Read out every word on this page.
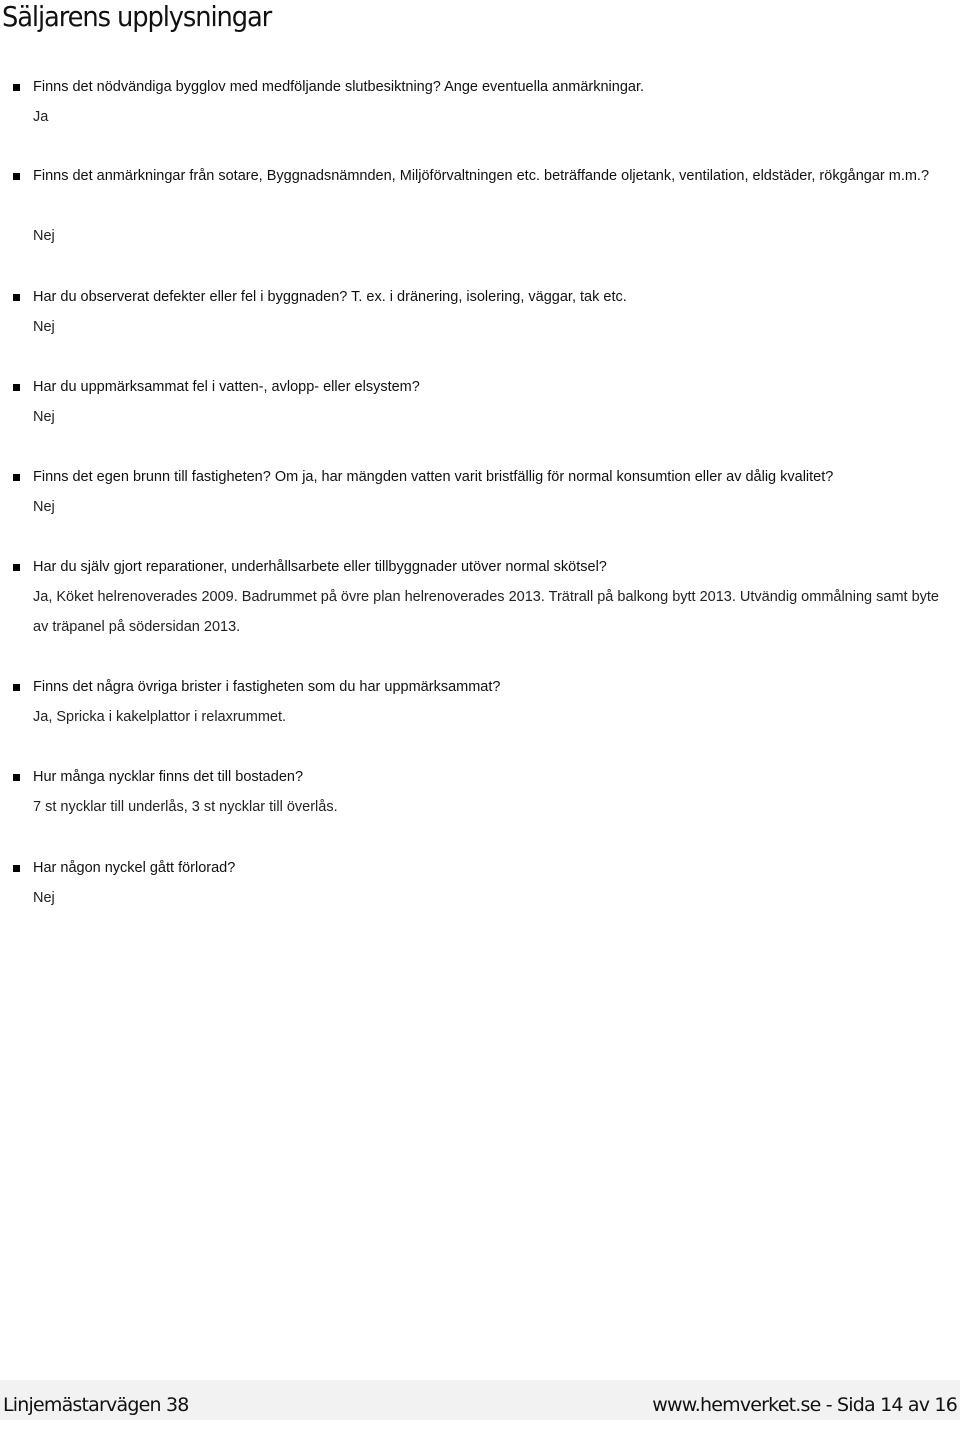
Säljarens upplysningar
Finns det nödvändiga bygglov med medföljande slutbesiktning? Ange eventuella anmärkningar.
Ja
Finns det anmärkningar från sotare, Byggnadsnämnden, Miljöförvaltningen etc. beträffande oljetank, ventilation, eldstäder, rökgångar m.m.?
Nej
Har du observerat defekter eller fel i byggnaden? T. ex. i dränering, isolering, väggar, tak etc.
Nej
Har du uppmärksammat fel i vatten-, avlopp- eller elsystem?
Nej
Finns det egen brunn till fastigheten? Om ja, har mängden vatten varit bristfällig för normal konsumtion eller av dålig kvalitet?
Nej
Har du själv gjort reparationer, underhållsarbete eller tillbyggnader utöver normal skötsel?
Ja, Köket helrenoverades 2009. Badrummet på övre plan helrenoverades 2013. Trätrall på balkong bytt 2013. Utvändig ommålning samt byte av träpanel på södersidan 2013.
Finns det några övriga brister i fastigheten som du har uppmärksammat?
Ja, Spricka i kakelplattor i relaxrummet.
Hur många nycklar finns det till bostaden?
7 st nycklar till underlås, 3 st nycklar till överlås.
Har någon nyckel gått förlorad?
Nej
Linjemästarvägen 38	www.hemverket.se - Sida 14 av 16
